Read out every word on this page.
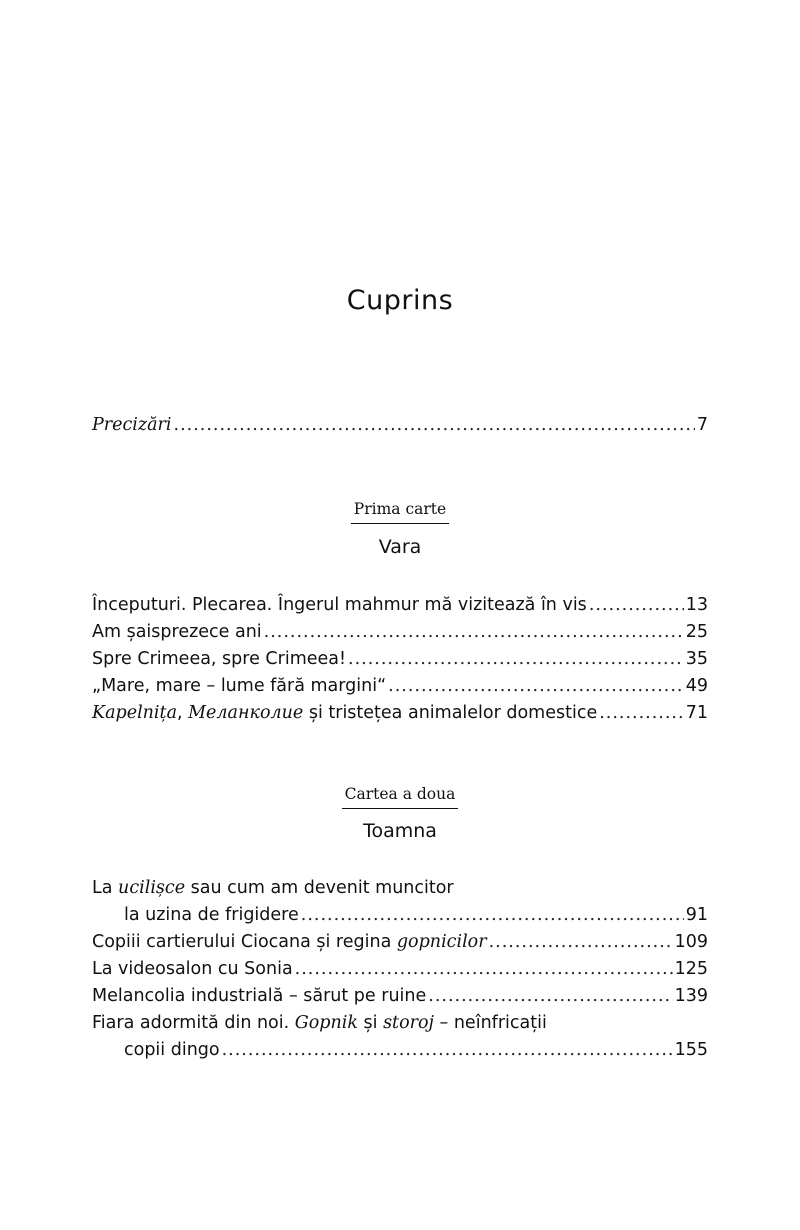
Cuprins
Precizări .....	7
Prima carte
Vara
Începuturi. Plecarea. Îngerul mahmur mă vizitează în vis .....	13
Am șaisprezece ani .....	25
Spre Crimeea, spre Crimeea! .....	35
„Mare, mare – lume fără margini“ .....	49
Kapelnița, Меланколие și tristețea animalelor domestice .....	71
Cartea a doua
Toamna
La ucilișce sau cum am devenit muncitor
la uzina de frigidere .....	91
Copiii cartierului Ciocana și regina gopnicilor .....	109
La videosalon cu Sonia .....	125
Melancolia industrială – sărut pe ruine .....	139
Fiara adormită din noi. Gopnik și storoj – neînfricații
copii dingo .....	155
